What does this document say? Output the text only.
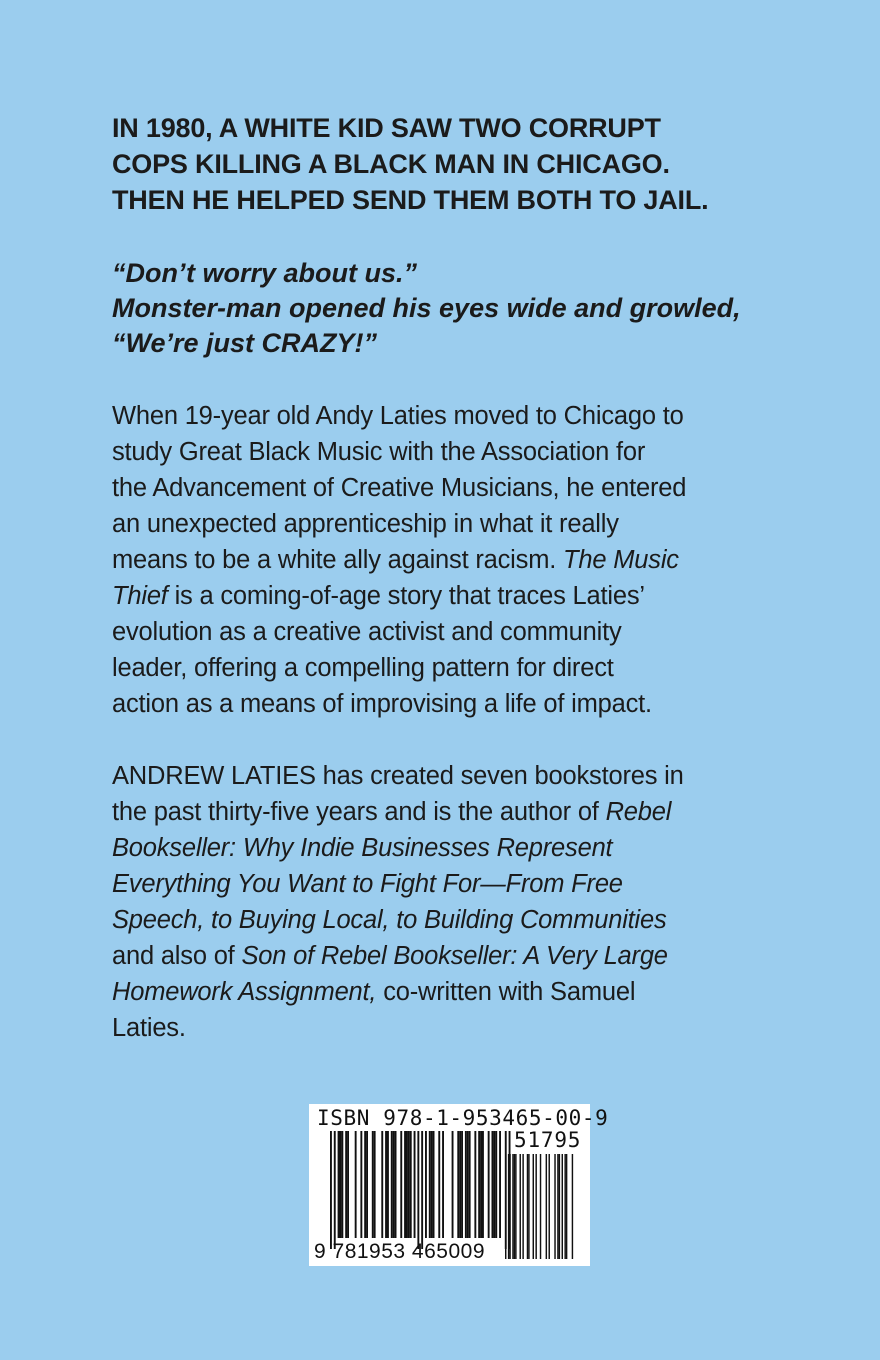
IN 1980, A WHITE KID SAW TWO CORRUPT
COPS KILLING A BLACK MAN IN CHICAGO.
THEN HE HELPED SEND THEM BOTH TO JAIL.

“Don’t worry about us.”
Monster-man opened his eyes wide and growled,
“We’re just CRAZY!”

When 19-year old Andy Laties moved to Chicago to
study Great Black Music with the Association for
the Advancement of Creative Musicians, he entered
an unexpected apprenticeship in what it really
means to be a white ally against racism. The Music
Thief is a coming-of-age story that traces Laties’
evolution as a creative activist and community
leader, offering a compelling pattern for direct
action as a means of improvising a life of impact.

ANDREW LATIES has created seven bookstores in
the past thirty-five years and is the author of Rebel
Bookseller: Why Indie Businesses Represent
Everything You Want to Fight For—From Free
Speech, to Buying Local, to Building Communities
and also of Son of Rebel Bookseller: A Very Large
Homework Assignment, co-written with Samuel
Laties.

ISBN 978-1-953465-00-9
51795
9 781953 465009
